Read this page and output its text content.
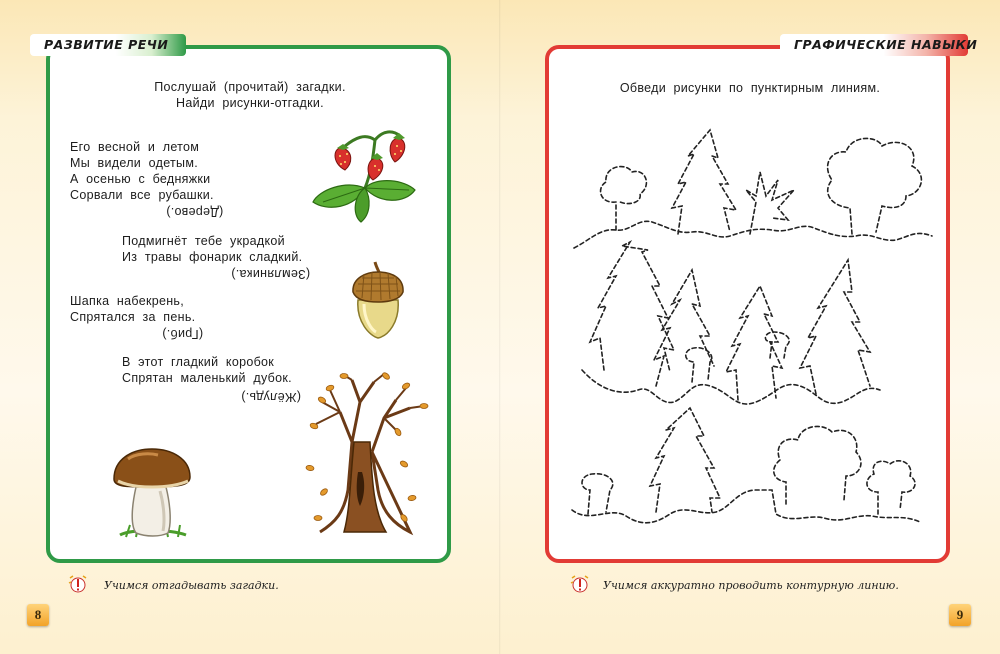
РАЗВИТИЕ РЕЧИ
Послушай  (прочитай)  загадки.
Найди  рисунки-отгадки.
Его  весной  и  летом
Мы  видели  одетым.
А  осенью  с  бедняжки
Сорвали  все  рубашки.
(Дерево.)
Подмигнёт  тебе  украдкой
Из  травы  фонарик  сладкий.
(Земляника.)
Шапка  набекрень,
Спрятался  за  пень.
(Гриб.)
В  этот  гладкий  коробок
Спрятан  маленький  дубок.
(Жёлудь.)
Учимся отгадывать загадки.
8
ГРАФИЧЕСКИЕ НАВЫКИ
Обведи  рисунки  по  пунктирным  линиям.
Учимся аккуратно проводить контурную линию.
9
